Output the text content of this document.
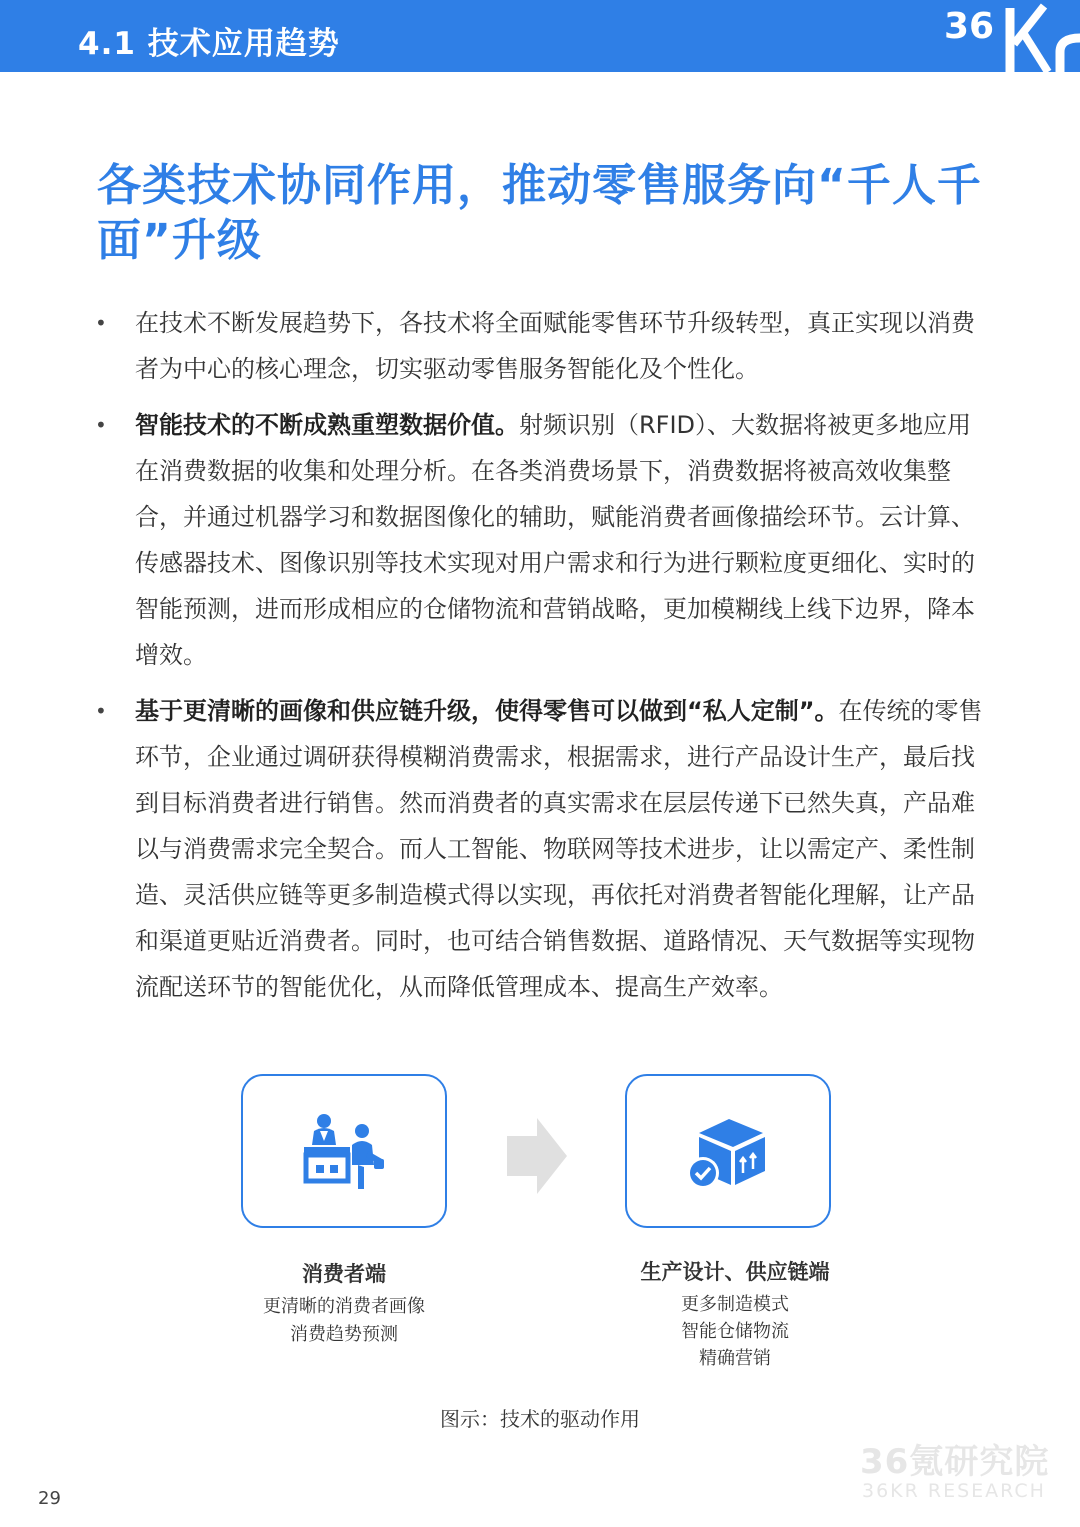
4.1 技术应用趋势	36
各类技术协同作用，推动零售服务向“千人千面”升级
• 在技术不断发展趋势下，各技术将全面赋能零售环节升级转型，真正实现以消费者为中心的核心理念，切实驱动零售服务智能化及个性化。
• 智能技术的不断成熟重塑数据价值。射频识别（RFID）、大数据将被更多地应用在消费数据的收集和处理分析。在各类消费场景下，消费数据将被高效收集整合，并通过机器学习和数据图像化的辅助，赋能消费者画像描绘环节。云计算、传感器技术、图像识别等技术实现对用户需求和行为进行颗粒度更细化、实时的智能预测，进而形成相应的仓储物流和营销战略，更加模糊线上线下边界，降本增效。
• 基于更清晰的画像和供应链升级，使得零售可以做到“私人定制”。在传统的零售环节，企业通过调研获得模糊消费需求，根据需求，进行产品设计生产，最后找到目标消费者进行销售。然而消费者的真实需求在层层传递下已然失真，产品难以与消费需求完全契合。而人工智能、物联网等技术进步，让以需定产、柔性制造、灵活供应链等更多制造模式得以实现，再依托对消费者智能化理解，让产品和渠道更贴近消费者。同时，也可结合销售数据、道路情况、天气数据等实现物流配送环节的智能优化，从而降低管理成本、提高生产效率。
消费者端
更清晰的消费者画像
消费趋势预测
生产设计、供应链端
更多制造模式
智能仓储物流
精确营销
图示：技术的驱动作用
36氪研究院
36KR RESEARCH
29
